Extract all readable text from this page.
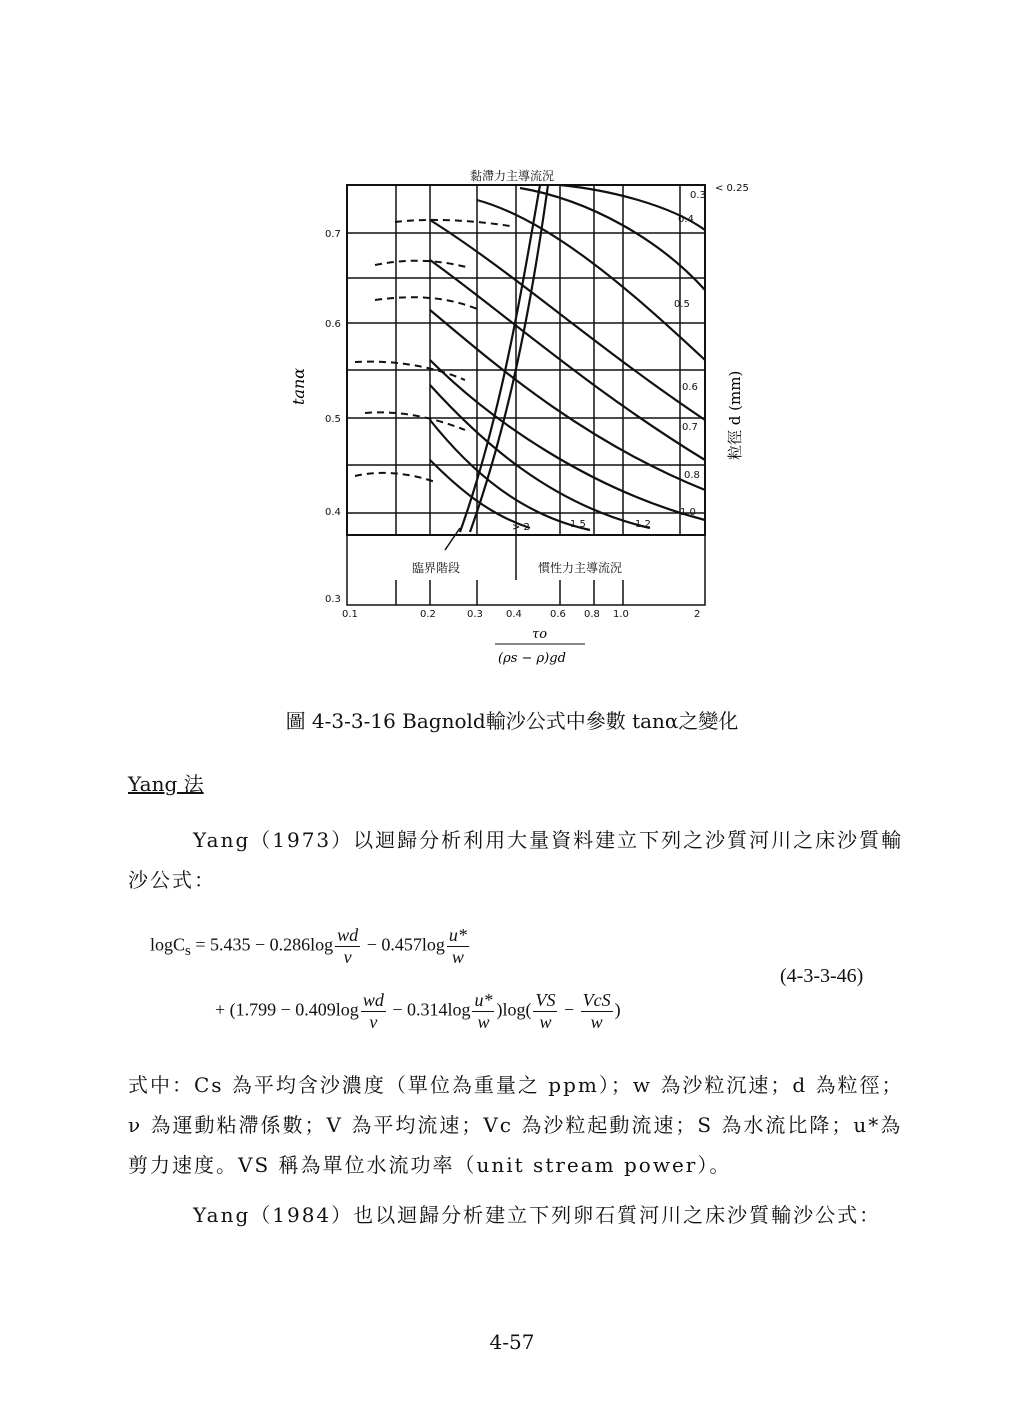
黏滯力主導流況
0.7
0.6
0.5
0.4
0.3
tanα	粒徑 d (mm)
< 0.25
0.3
0.4
0.5
0.6
0.7
0.8
1.0
1.2
1.5
> 2
臨界階段	慣性力主導流況
0.1	0.2	0.3 0.4	0.6 0.8 1.0	2
τo
(ρs − ρ)gd
圖 4-3-3-16 Bagnold輸沙公式中參數 tanα之變化
Yang 法
Yang（1973）以迴歸分析利用大量資料建立下列之沙質河川之床沙質輸沙公式：
$\log C_s = 5.435 - 0.286\log \frac{wd}{\nu} - 0.457\log \frac{u*}{w}$
+ $(1.799 - 0.409\log \frac{wd}{\nu} - 0.314\log \frac{u*}{w} )\log( \frac{VS}{w} - \frac{\text{VcS}}{w}$ )
(4-3-3-46)
式中：Cs 為平均含沙濃度（單位為重量之 ppm）；w 為沙粒沉速；d 為粒徑；ν 為運動粘滯係數；V 為平均流速；Vc 為沙粒起動流速；S 為水流比降；u*為剪力速度。VS 稱為單位水流功率（unit stream power）。
Yang（1984）也以迴歸分析建立下列卵石質河川之床沙質輸沙公式：
4-57
